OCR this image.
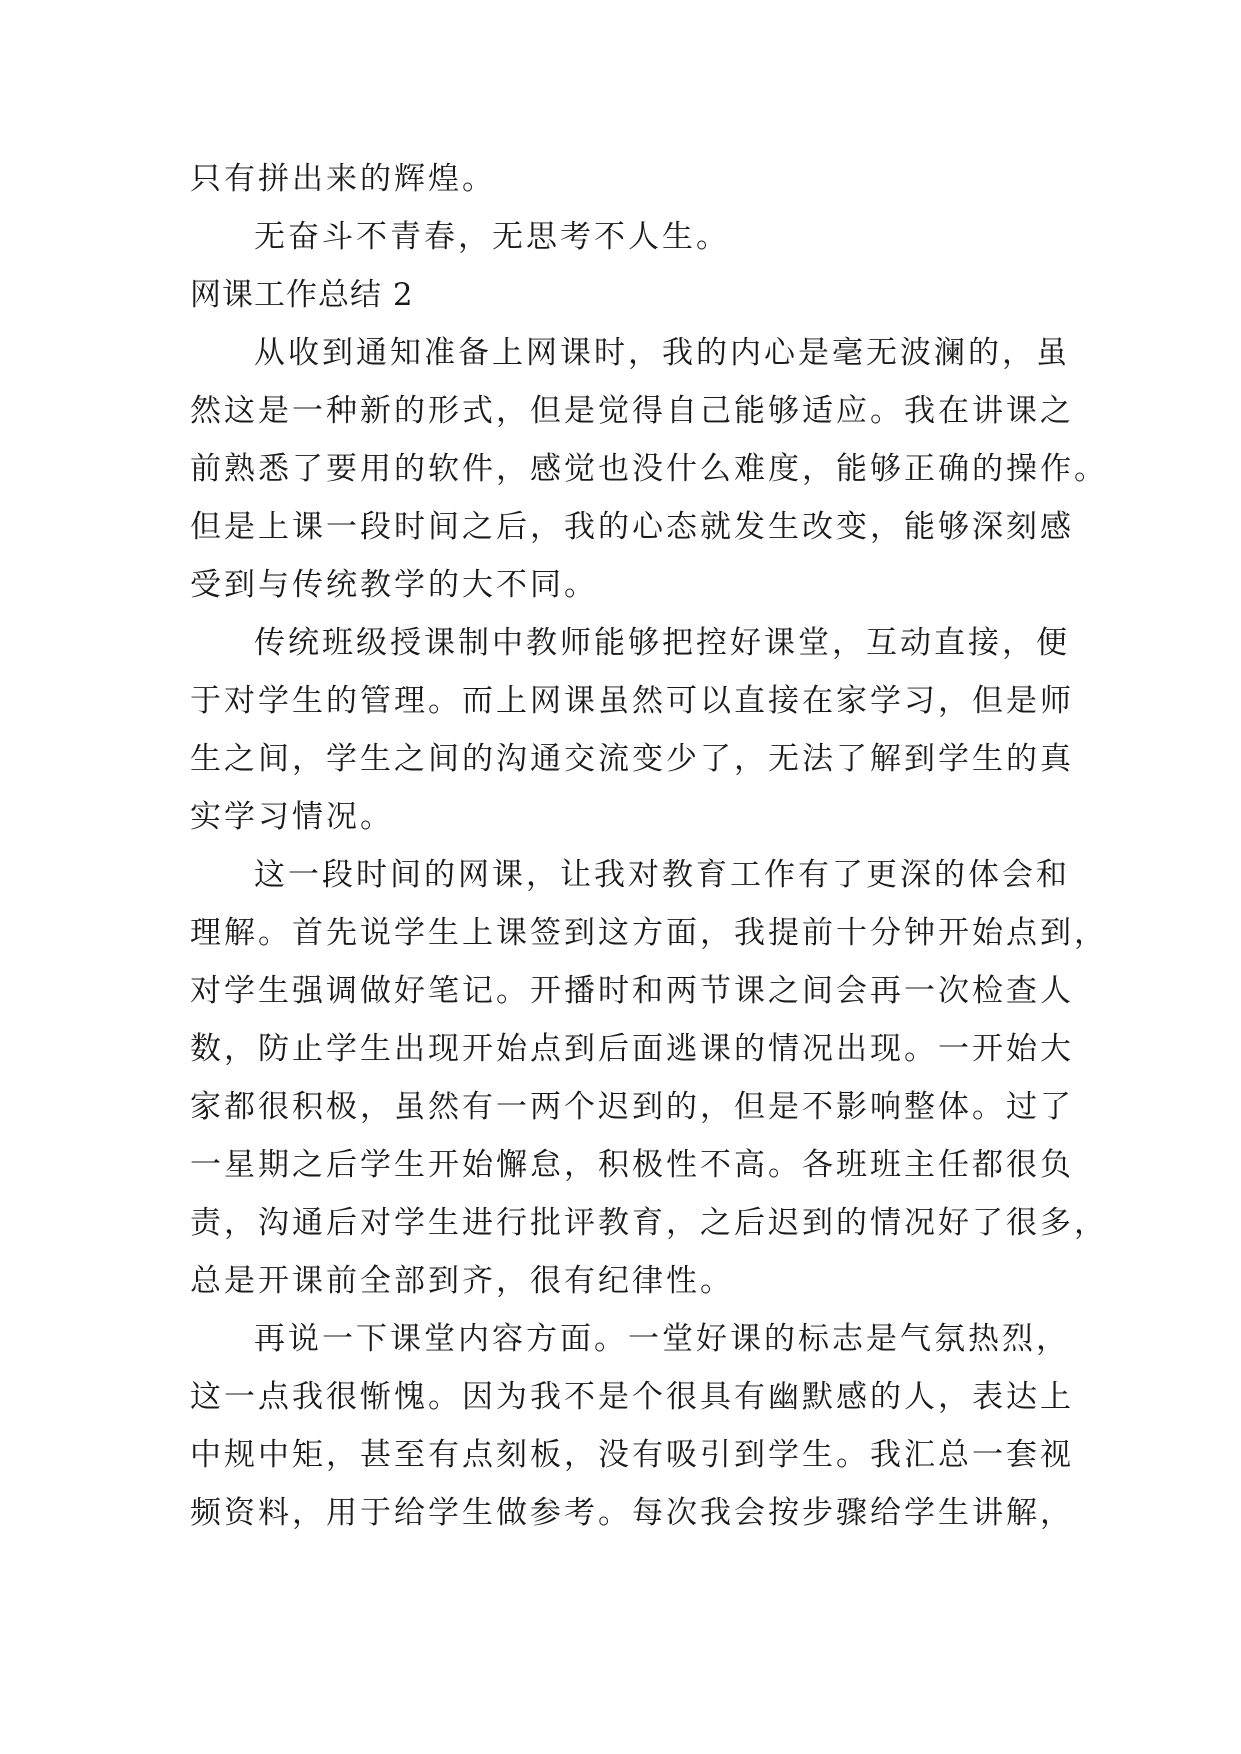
只有拼出来的辉煌。
无奋斗不青春，无思考不人生。
网课工作总结 2
从收到通知准备上网课时，我的内心是毫无波澜的，虽
然这是一种新的形式，但是觉得自己能够适应。我在讲课之
前熟悉了要用的软件，感觉也没什么难度，能够正确的操作。
但是上课一段时间之后，我的心态就发生改变，能够深刻感
受到与传统教学的大不同。
传统班级授课制中教师能够把控好课堂，互动直接，便
于对学生的管理。而上网课虽然可以直接在家学习，但是师
生之间，学生之间的沟通交流变少了，无法了解到学生的真
实学习情况。
这一段时间的网课，让我对教育工作有了更深的体会和
理解。首先说学生上课签到这方面，我提前十分钟开始点到，
对学生强调做好笔记。开播时和两节课之间会再一次检查人
数，防止学生出现开始点到后面逃课的情况出现。一开始大
家都很积极，虽然有一两个迟到的，但是不影响整体。过了
一星期之后学生开始懈怠，积极性不高。各班班主任都很负
责，沟通后对学生进行批评教育，之后迟到的情况好了很多，
总是开课前全部到齐，很有纪律性。
再说一下课堂内容方面。一堂好课的标志是气氛热烈，
这一点我很惭愧。因为我不是个很具有幽默感的人，表达上
中规中矩，甚至有点刻板，没有吸引到学生。我汇总一套视
频资料，用于给学生做参考。每次我会按步骤给学生讲解，
